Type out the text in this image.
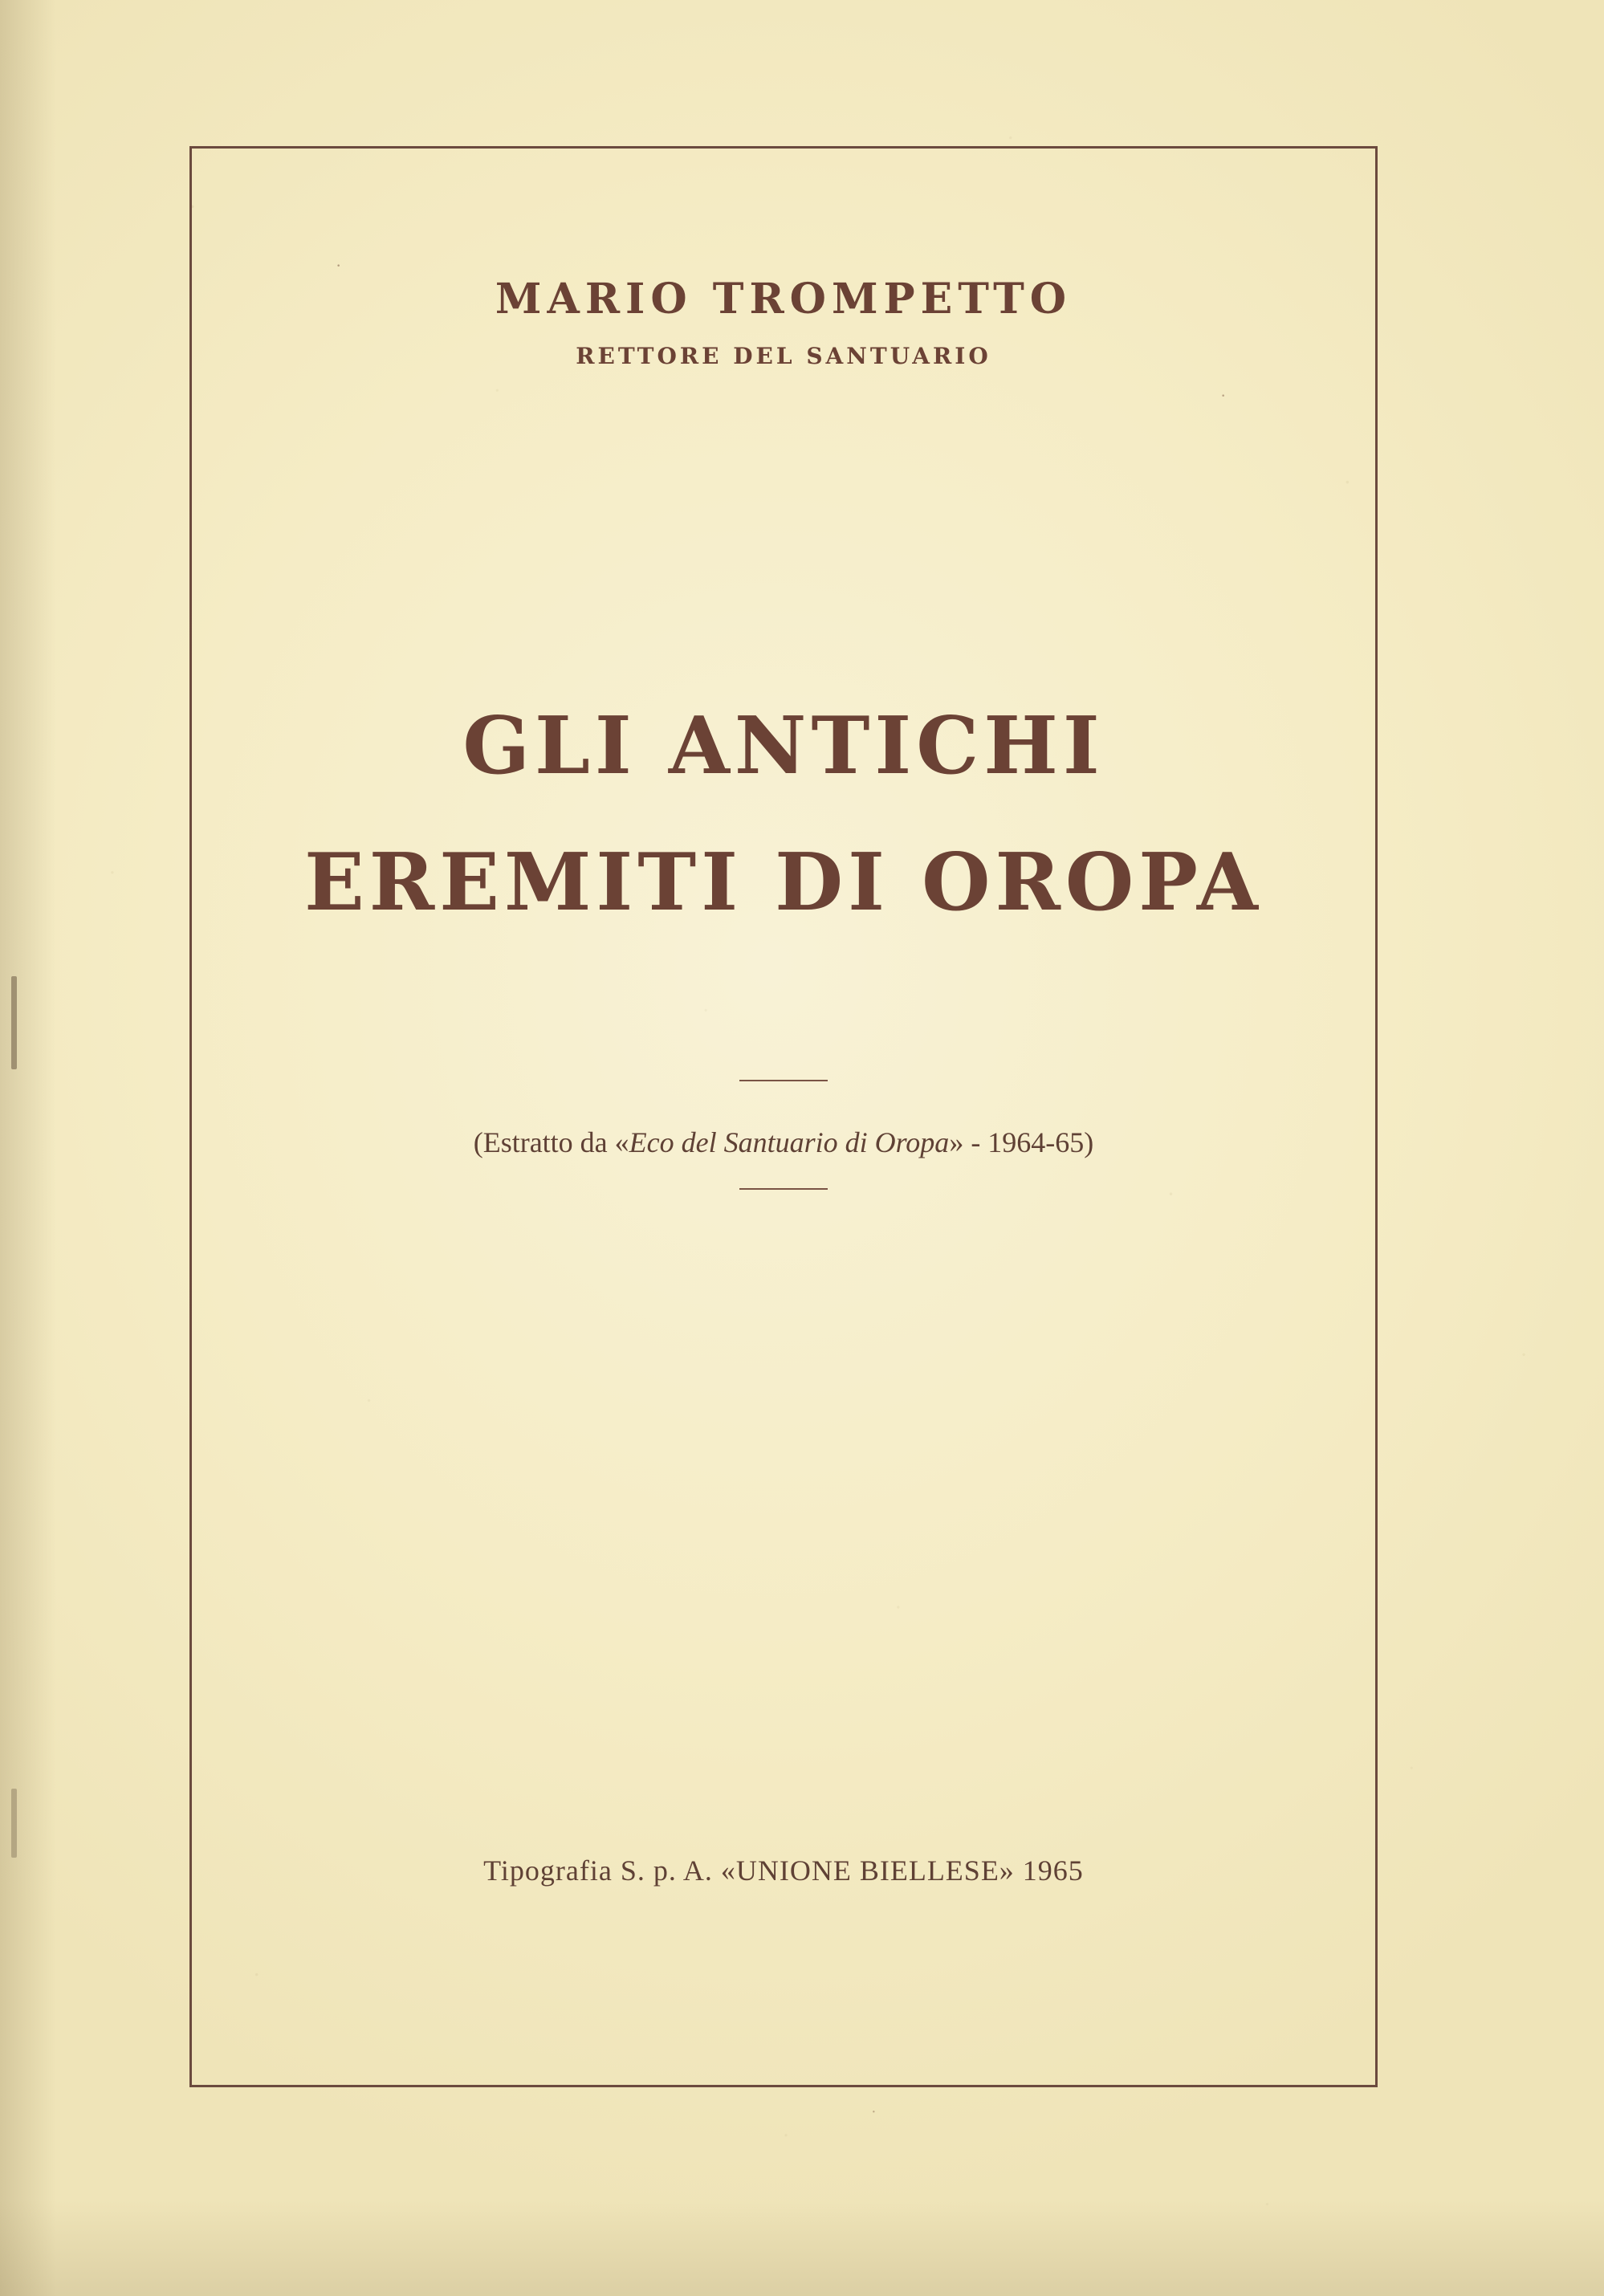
MARIO TROMPETTO
RETTORE DEL SANTUARIO
GLI ANTICHI
EREMITI DI OROPA
(Estratto da «Eco del Santuario di Oropa» - 1964-65)
Tipografia S. p. A. «UNIONE BIELLESE» 1965
·
·
·
